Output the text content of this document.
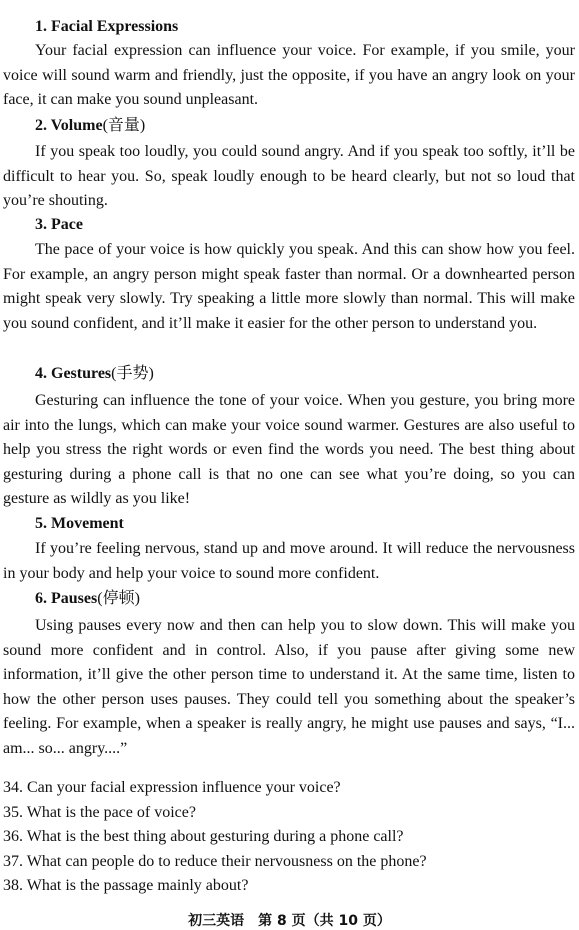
1. Facial Expressions

Your facial expression can influence your voice. For example, if you smile, your voice will sound warm and friendly, just the opposite, if you have an angry look on your face, it can make you sound unpleasant.

2. Volume(音量)

If you speak too loudly, you could sound angry. And if you speak too softly, it’ll be difficult to hear you. So, speak loudly enough to be heard clearly, but not so loud that you’re shouting.

3. Pace

The pace of your voice is how quickly you speak. And this can show how you feel. For example, an angry person might speak faster than normal. Or a downhearted person might speak very slowly. Try speaking a little more slowly than normal. This will make you sound confident, and it’ll make it easier for the other person to understand you.

4. Gestures(手势)

Gesturing can influence the tone of your voice. When you gesture, you bring more air into the lungs, which can make your voice sound warmer. Gestures are also useful to help you stress the right words or even find the words you need. The best thing about gesturing during a phone call is that no one can see what you’re doing, so you can gesture as wildly as you like!

5. Movement

If you’re feeling nervous, stand up and move around. It will reduce the nervousness in your body and help your voice to sound more confident.

6. Pauses(停顿)

Using pauses every now and then can help you to slow down. This will make you sound more confident and in control. Also, if you pause after giving some new information, it’ll give the other person time to understand it. At the same time, listen to how the other person uses pauses. They could tell you something about the speaker’s feeling. For example, when a speaker is really angry, he might use pauses and says, “I... am... so... angry....”

34. Can your facial expression influence your voice?
35. What is the pace of voice?
36. What is the best thing about gesturing during a phone call?
37. What can people do to reduce their nervousness on the phone?
38. What is the passage mainly about?
初三英语　第 8 页（共 10 页）
